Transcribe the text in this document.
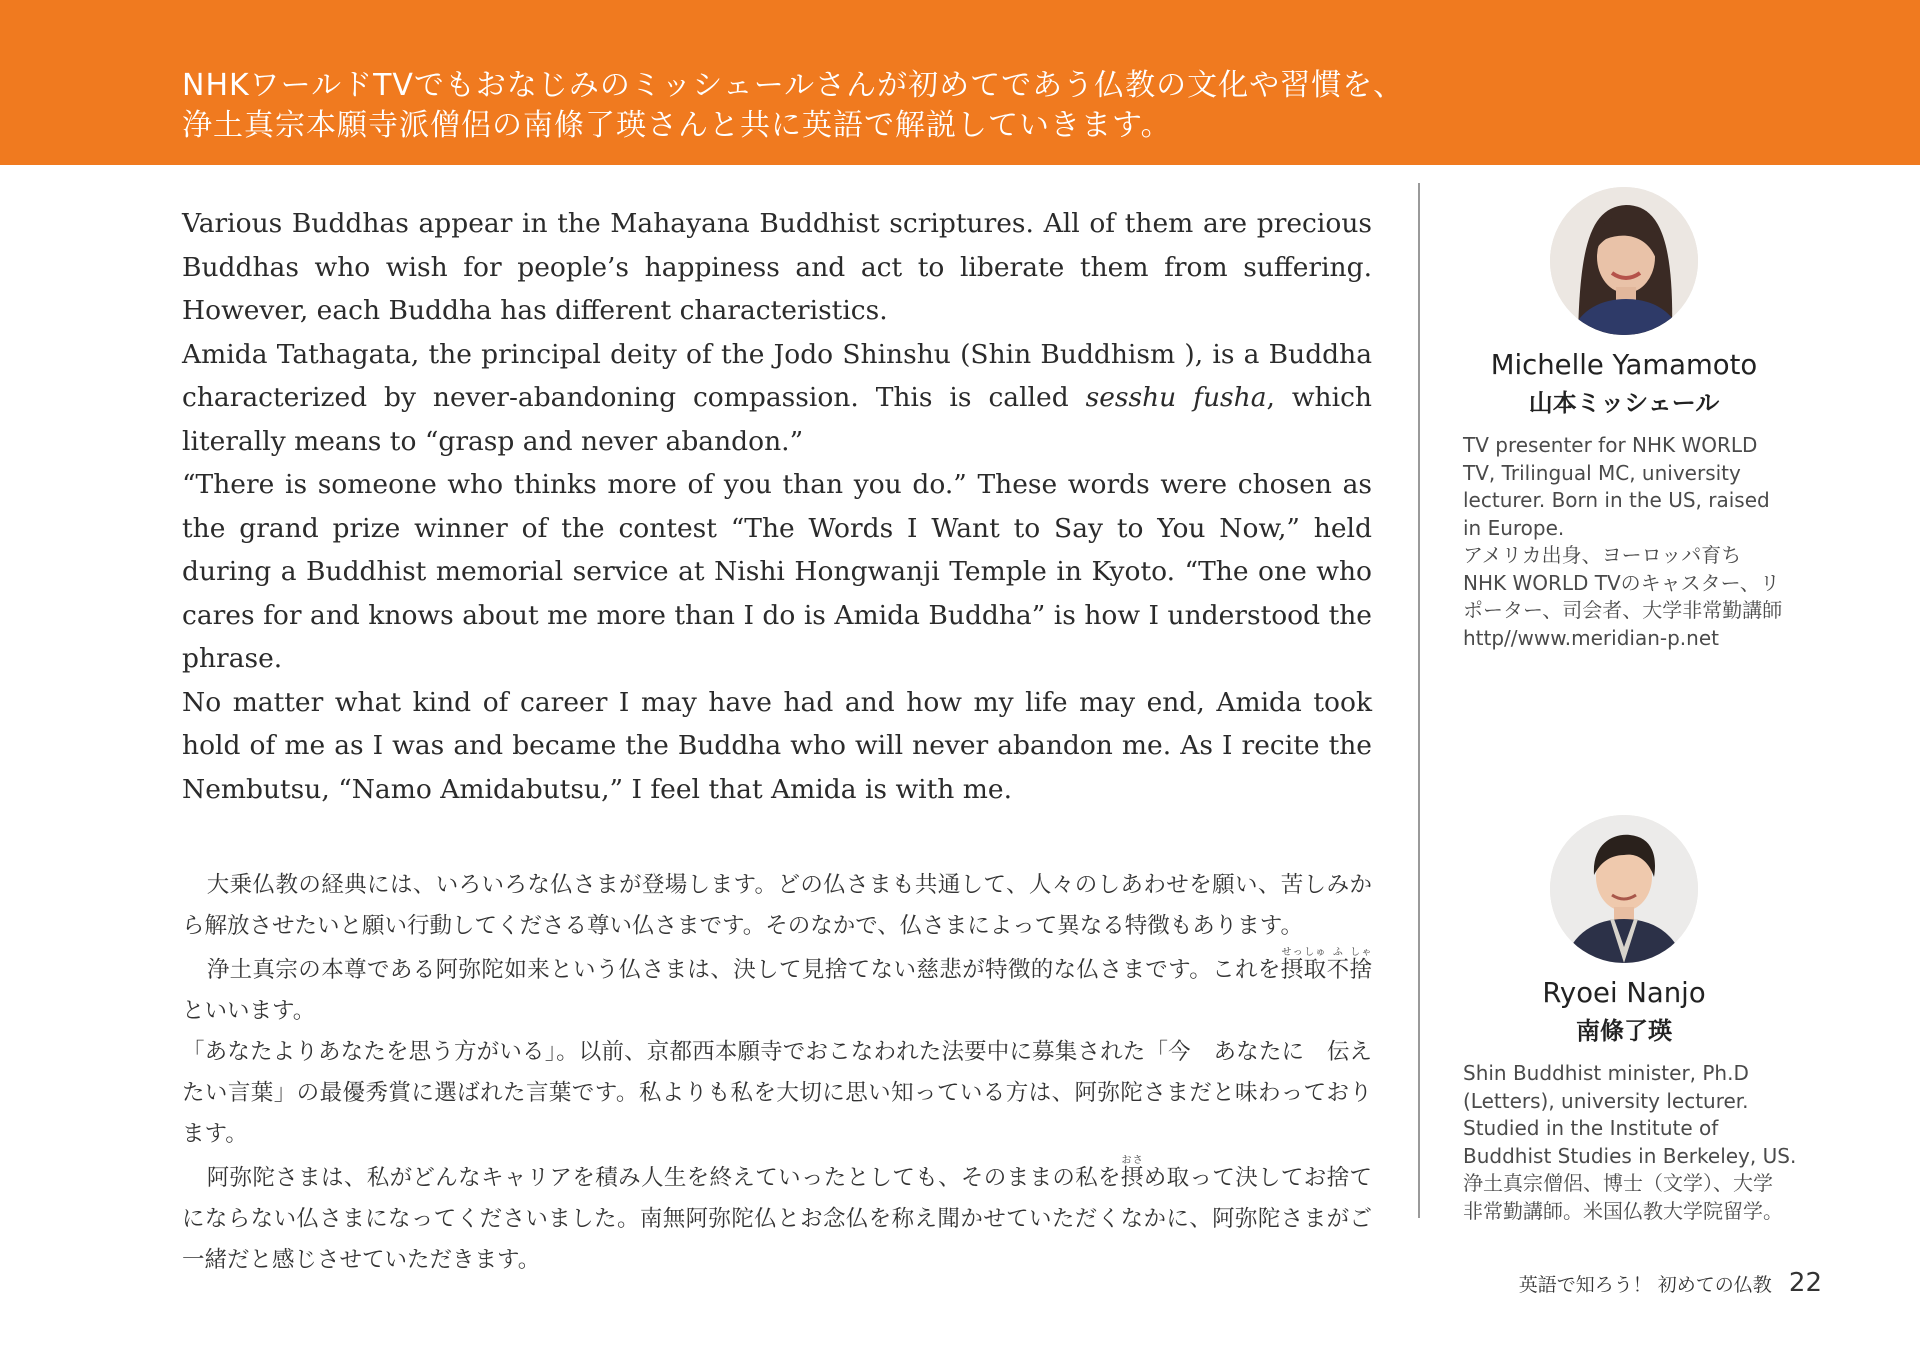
NHKワールドTVでもおなじみのミッシェールさんが初めてであう仏教の文化や習慣を、
浄土真宗本願寺派僧侶の南條了瑛さんと共に英語で解説していきます。

Various Buddhas appear in the Mahayana Buddhist scriptures. All of them are precious Buddhas who wish for people’s happiness and act to liberate them from suffering. However, each Buddha has different characteristics.

Amida Tathagata, the principal deity of the Jodo Shinshu (Shin Buddhism ), is a Buddha characterized by never-abandoning compassion. This is called sesshu fusha, which literally means to “grasp and never abandon.”

“There is someone who thinks more of you than you do.” These words were chosen as the grand prize winner of the contest “The Words I Want to Say to You Now,” held during a Buddhist memorial service at Nishi Hongwanji Temple in Kyoto. “The one who cares for and knows about me more than I do is Amida Buddha” is how I understood the phrase.

No matter what kind of career I may have had and how my life may end, Amida took hold of me as I was and became the Buddha who will never abandon me. As I recite the Nembutsu, “Namo Amidabutsu,” I feel that Amida is with me.

大乗仏教の経典には、いろいろな仏さまが登場します。どの仏さまも共通して、人々のしあわせを願い、苦しみから解放させたいと願い行動してくださる尊い仏さまです。そのなかで、仏さまによって異なる特徴もあります。

浄土真宗の本尊である阿弥陀如来という仏さまは、決して見捨てない慈悲が特徴的な仏さまです。これを摂せっ取しゅ不ふ捨しゃといいます。

「あなたよりあなたを思う方がいる」。以前、京都西本願寺でおこなわれた法要中に募集された「今　あなたに　伝えたい言葉」の最優秀賞に選ばれた言葉です。私よりも私を大切に思い知っている方は、阿弥陀さまだと味わっております。

阿弥陀さまは、私がどんなキャリアを積み人生を終えていったとしても、そのままの私を摂おさめ取って決してお捨てにならない仏さまになってくださいました。南無阿弥陀仏とお念仏を称え聞かせていただくなかに、阿弥陀さまがご一緒だと感じさせていただきます。

Michelle Yamamoto
山本ミッシェール
TV presenter for NHK WORLD
TV, Trilingual MC, university
lecturer. Born in the US, raised
in Europe.
アメリカ出身、ヨーロッパ育ち
NHK WORLD TVのキャスター、リ
ポーター、司会者、大学非常勤講師
http//www.meridian-p.net
Ryoei Nanjo
南條了瑛
Shin Buddhist minister, Ph.D
(Letters), university lecturer.
Studied in the Institute of
Buddhist Studies in Berkeley, US.
浄土真宗僧侶、博士（文学）、大学
非常勤講師。米国仏教大学院留学。
英語で知ろう！ 初めての仏教 22
